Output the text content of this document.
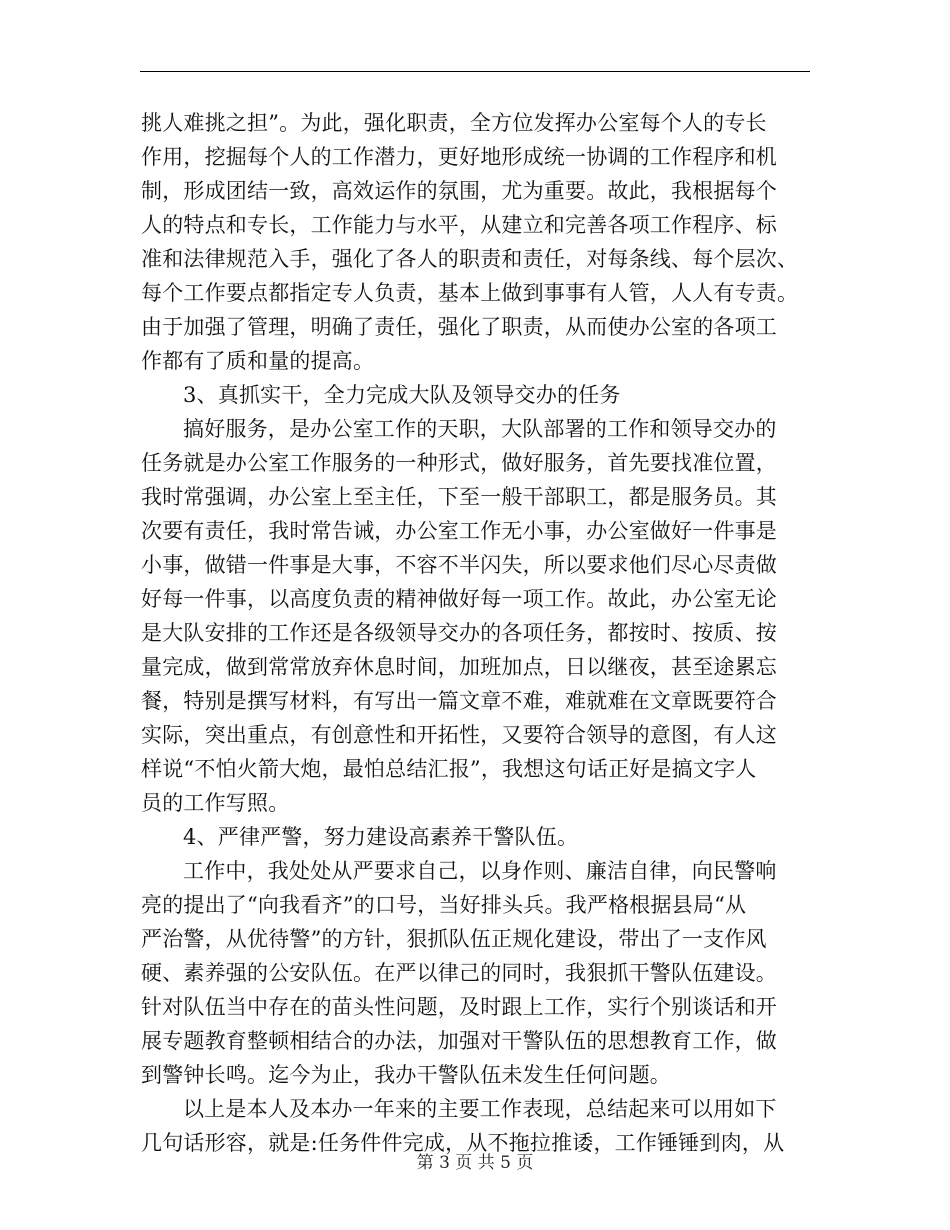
挑人难挑之担”。为此，强化职责，全方位发挥办公室每个人的专长
作用，挖掘每个人的工作潜力，更好地形成统一协调的工作程序和机
制，形成团结一致，高效运作的氛围，尤为重要。故此，我根据每个
人的特点和专长，工作能力与水平，从建立和完善各项工作程序、标
准和法律规范入手，强化了各人的职责和责任，对每条线、每个层次、
每个工作要点都指定专人负责，基本上做到事事有人管，人人有专责。
由于加强了管理，明确了责任，强化了职责，从而使办公室的各项工
作都有了质和量的提高。
3、真抓实干，全力完成大队及领导交办的任务
搞好服务，是办公室工作的天职，大队部署的工作和领导交办的
任务就是办公室工作服务的一种形式，做好服务，首先要找准位置，
我时常强调，办公室上至主任，下至一般干部职工，都是服务员。其
次要有责任，我时常告诫，办公室工作无小事，办公室做好一件事是
小事，做错一件事是大事，不容不半闪失，所以要求他们尽心尽责做
好每一件事，以高度负责的精神做好每一项工作。故此，办公室无论
是大队安排的工作还是各级领导交办的各项任务，都按时、按质、按
量完成，做到常常放弃休息时间，加班加点，日以继夜，甚至途累忘
餐，特别是撰写材料，有写出一篇文章不难，难就难在文章既要符合
实际，突出重点，有创意性和开拓性，又要符合领导的意图，有人这
样说“不怕火箭大炮，最怕总结汇报”，我想这句话正好是搞文字人
员的工作写照。
4、严律严警，努力建设高素养干警队伍。
工作中，我处处从严要求自己，以身作则、廉洁自律，向民警响
亮的提出了“向我看齐”的口号，当好排头兵。我严格根据县局“从
严治警，从优待警”的方针，狠抓队伍正规化建设，带出了一支作风
硬、素养强的公安队伍。在严以律己的同时，我狠抓干警队伍建设。
针对队伍当中存在的苗头性问题，及时跟上工作，实行个别谈话和开
展专题教育整顿相结合的办法，加强对干警队伍的思想教育工作，做
到警钟长鸣。迄今为止，我办干警队伍未发生任何问题。
以上是本人及本办一年来的主要工作表现，总结起来可以用如下
几句话形容，就是:任务件件完成，从不拖拉推诿，工作锤锤到肉，从
第 3 页 共 5 页
